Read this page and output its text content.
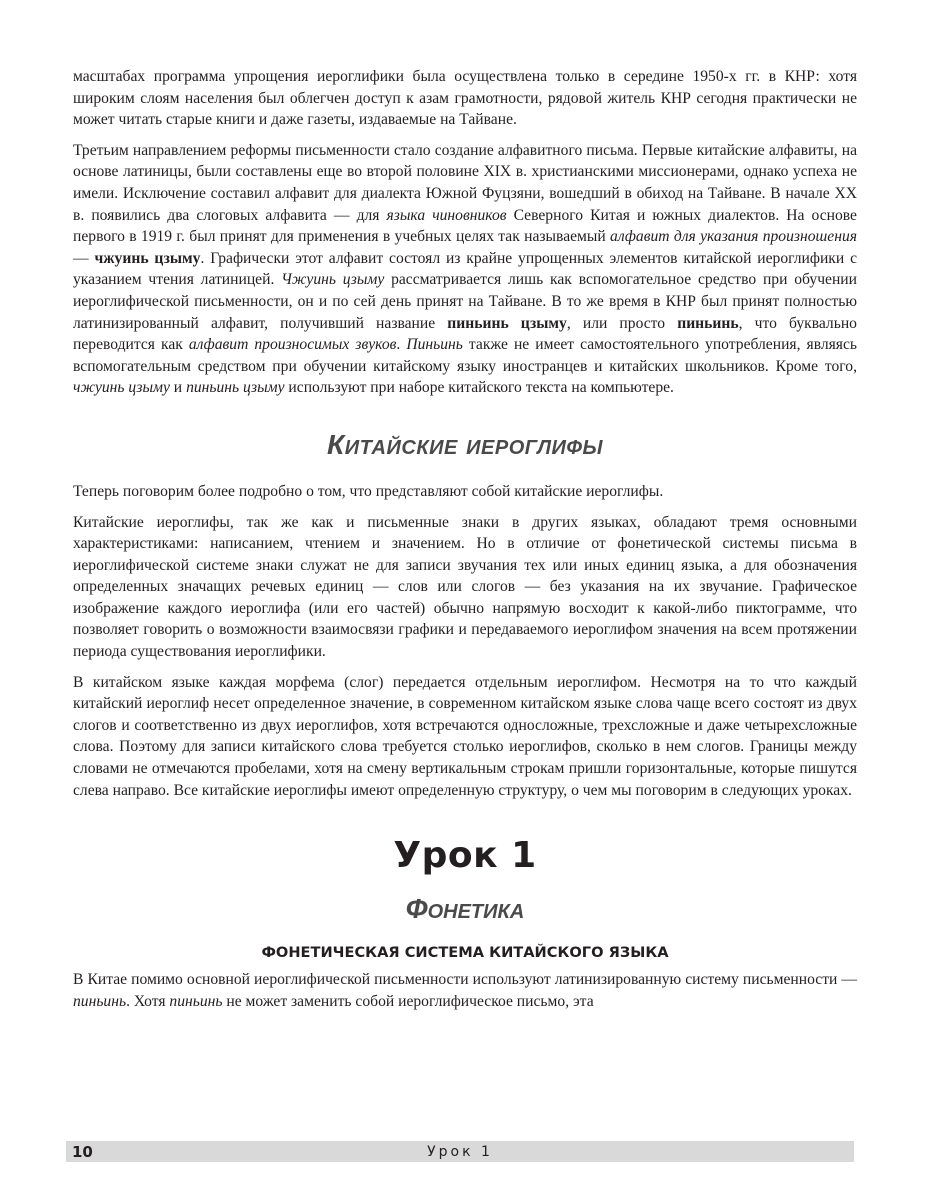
масштабах программа упрощения иероглифики была осуществлена только в середине 1950-х гг. в КНР: хотя широким слоям населения был облегчен доступ к азам грамотности, рядовой житель КНР сегодня практически не может читать старые книги и даже газеты, издаваемые на Тайване.

Третьим направлением реформы письменности стало создание алфавитного письма. Первые китайские алфавиты, на основе латиницы, были составлены еще во второй половине XIX в. христианскими миссионерами, однако успеха не имели. Исключение составил алфавит для диалекта Южной Фуцзяни, вошедший в обиход на Тайване. В начале XX в. появились два слоговых алфавита — для языка чиновников Северного Китая и южных диалектов. На основе первого в 1919 г. был принят для применения в учебных целях так называемый алфавит для указания произношения — чжуинь цзыму. Графически этот алфавит состоял из крайне упрощенных элементов китайской иероглифики с указанием чтения латиницей. Чжуинь цзыму рассматривается лишь как вспомогательное средство при обучении иероглифической письменности, он и по сей день принят на Тайване. В то же время в КНР был принят полностью латинизированный алфавит, получивший название пиньинь цзыму, или просто пиньинь, что буквально переводится как алфавит произносимых звуков. Пиньинь также не имеет самостоятельного употребления, являясь вспомогательным средством при обучении китайскому языку иностранцев и китайских школьников. Кроме того, чжуинь цзыму и пиньинь цзыму используют при наборе китайского текста на компьютере.

Китайские иероглифы

Теперь поговорим более подробно о том, что представляют собой китайские иероглифы.

Китайские иероглифы, так же как и письменные знаки в других языках, обладают тремя основными характеристиками: написанием, чтением и значением. Но в отличие от фонетической системы письма в иероглифической системе знаки служат не для записи звучания тех или иных единиц языка, а для обозначения определенных значащих речевых единиц — слов или слогов — без указания на их звучание. Графическое изображение каждого иероглифа (или его частей) обычно напрямую восходит к какой-либо пиктограмме, что позволяет говорить о возможности взаимосвязи графики и передаваемого иероглифом значения на всем протяжении периода существования иероглифики.

В китайском языке каждая морфема (слог) передается отдельным иероглифом. Несмотря на то что каждый китайский иероглиф несет определенное значение, в современном китайском языке слова чаще всего состоят из двух слогов и соответственно из двух иероглифов, хотя встречаются односложные, трехсложные и даже четырехсложные слова. Поэтому для записи китайского слова требуется столько иероглифов, сколько в нем слогов. Границы между словами не отмечаются пробелами, хотя на смену вертикальным строкам пришли горизонтальные, которые пишутся слева направо. Все китайские иероглифы имеют определенную структуру, о чем мы поговорим в следующих уроках.

Урок 1
Фонетика
ФОНЕТИЧЕСКАЯ СИСТЕМА КИТАЙСКОГО ЯЗЫКА

В Китае помимо основной иероглифической письменности используют латинизированную систему письменности — пиньинь. Хотя пиньинь не может заменить собой иероглифическое письмо, эта

10	Урок 1
